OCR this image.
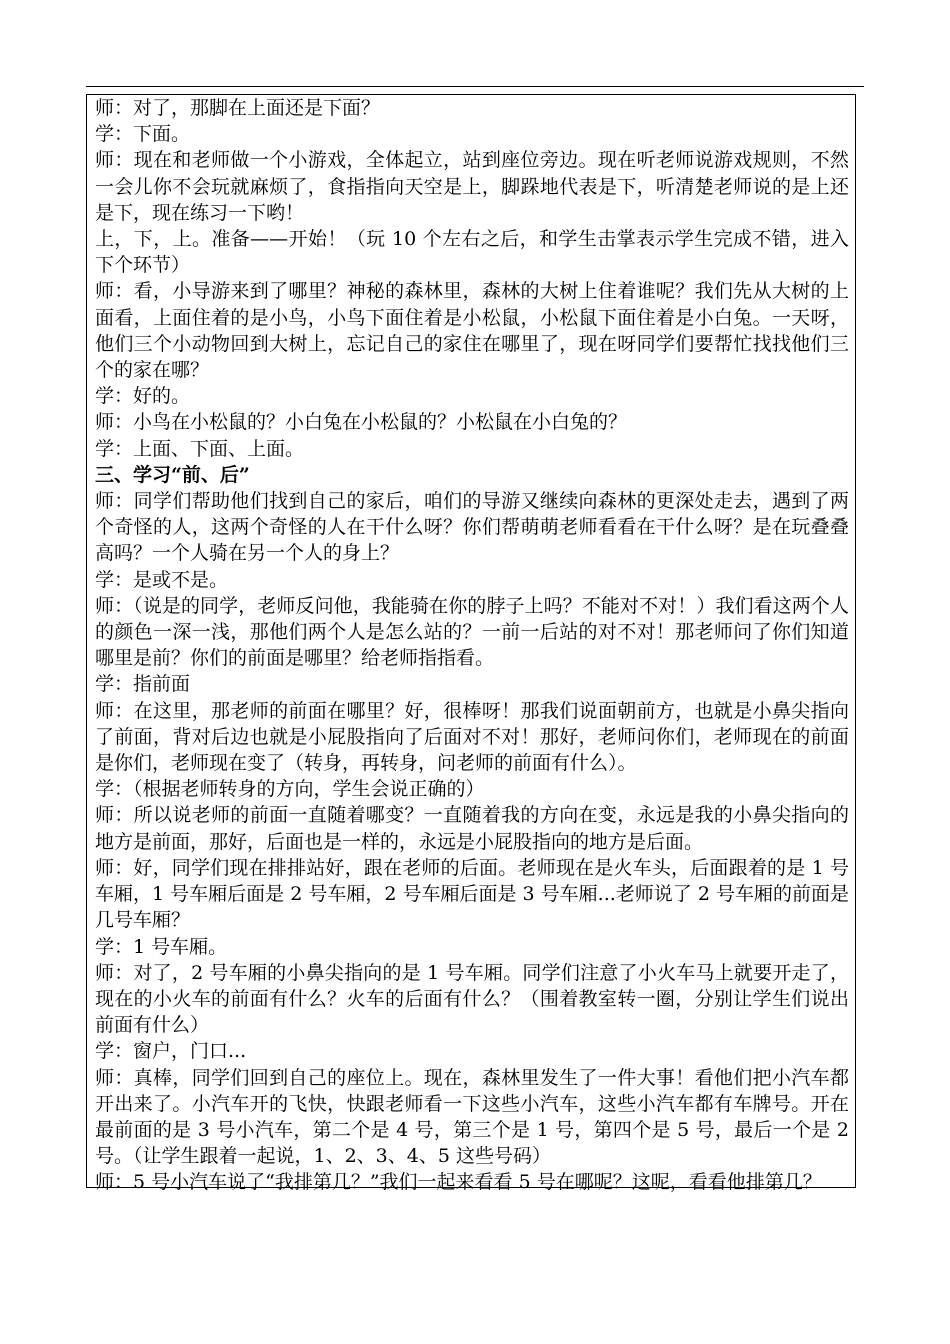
师：对了，那脚在上面还是下面？

学：下面。

师：现在和老师做一个小游戏，全体起立，站到座位旁边。现在听老师说游戏规则，不然一会儿你不会玩就麻烦了，食指指向天空是上，脚跺地代表是下，听清楚老师说的是上还是下，现在练习一下哟！

上，下，上。准备——开始！（玩 10 个左右之后，和学生击掌表示学生完成不错，进入下个环节）

师：看，小导游来到了哪里？神秘的森林里，森林的大树上住着谁呢？我们先从大树的上面看，上面住着的是小鸟，小鸟下面住着是小松鼠，小松鼠下面住着是小白兔。一天呀，他们三个小动物回到大树上，忘记自己的家住在哪里了，现在呀同学们要帮忙找找他们三个的家在哪？

学：好的。

师：小鸟在小松鼠的？小白兔在小松鼠的？小松鼠在小白兔的？

学：上面、下面、上面。

三、学习“前、后”

师：同学们帮助他们找到自己的家后，咱们的导游又继续向森林的更深处走去，遇到了两个奇怪的人，这两个奇怪的人在干什么呀？你们帮萌萌老师看看在干什么呀？是在玩叠叠高吗？一个人骑在另一个人的身上？

学：是或不是。

师：（说是的同学，老师反问他，我能骑在你的脖子上吗？不能对不对！）我们看这两个人的颜色一深一浅，那他们两个人是怎么站的？一前一后站的对不对！那老师问了你们知道哪里是前？你们的前面是哪里？给老师指指看。

学：指前面

师：在这里，那老师的前面在哪里？好，很棒呀！那我们说面朝前方，也就是小鼻尖指向了前面，背对后边也就是小屁股指向了后面对不对！那好，老师问你们，老师现在的前面是你们，老师现在变了（转身，再转身，问老师的前面有什么）。

学：（根据老师转身的方向，学生会说正确的）

师：所以说老师的前面一直随着哪变？一直随着我的方向在变，永远是我的小鼻尖指向的地方是前面，那好，后面也是一样的，永远是小屁股指向的地方是后面。

师：好，同学们现在排排站好，跟在老师的后面。老师现在是火车头，后面跟着的是 1 号车厢，1 号车厢后面是 2 号车厢，2 号车厢后面是 3 号车厢...老师说了 2 号车厢的前面是几号车厢？

学：1 号车厢。

师：对了，2 号车厢的小鼻尖指向的是 1 号车厢。同学们注意了小火车马上就要开走了，现在的小火车的前面有什么？火车的后面有什么？（围着教室转一圈，分别让学生们说出前面有什么）

学：窗户，门口...

师：真棒，同学们回到自己的座位上。现在，森林里发生了一件大事！看他们把小汽车都开出来了。小汽车开的飞快，快跟老师看一下这些小汽车，这些小汽车都有车牌号。开在最前面的是 3 号小汽车，第二个是 4 号，第三个是 1 号，第四个是 5 号，最后一个是 2 号。（让学生跟着一起说，1、2、3、4、5 这些号码）

师：5 号小汽车说了“我排第几？”我们一起来看看 5 号在哪呢？这呢，看看他排第几？
